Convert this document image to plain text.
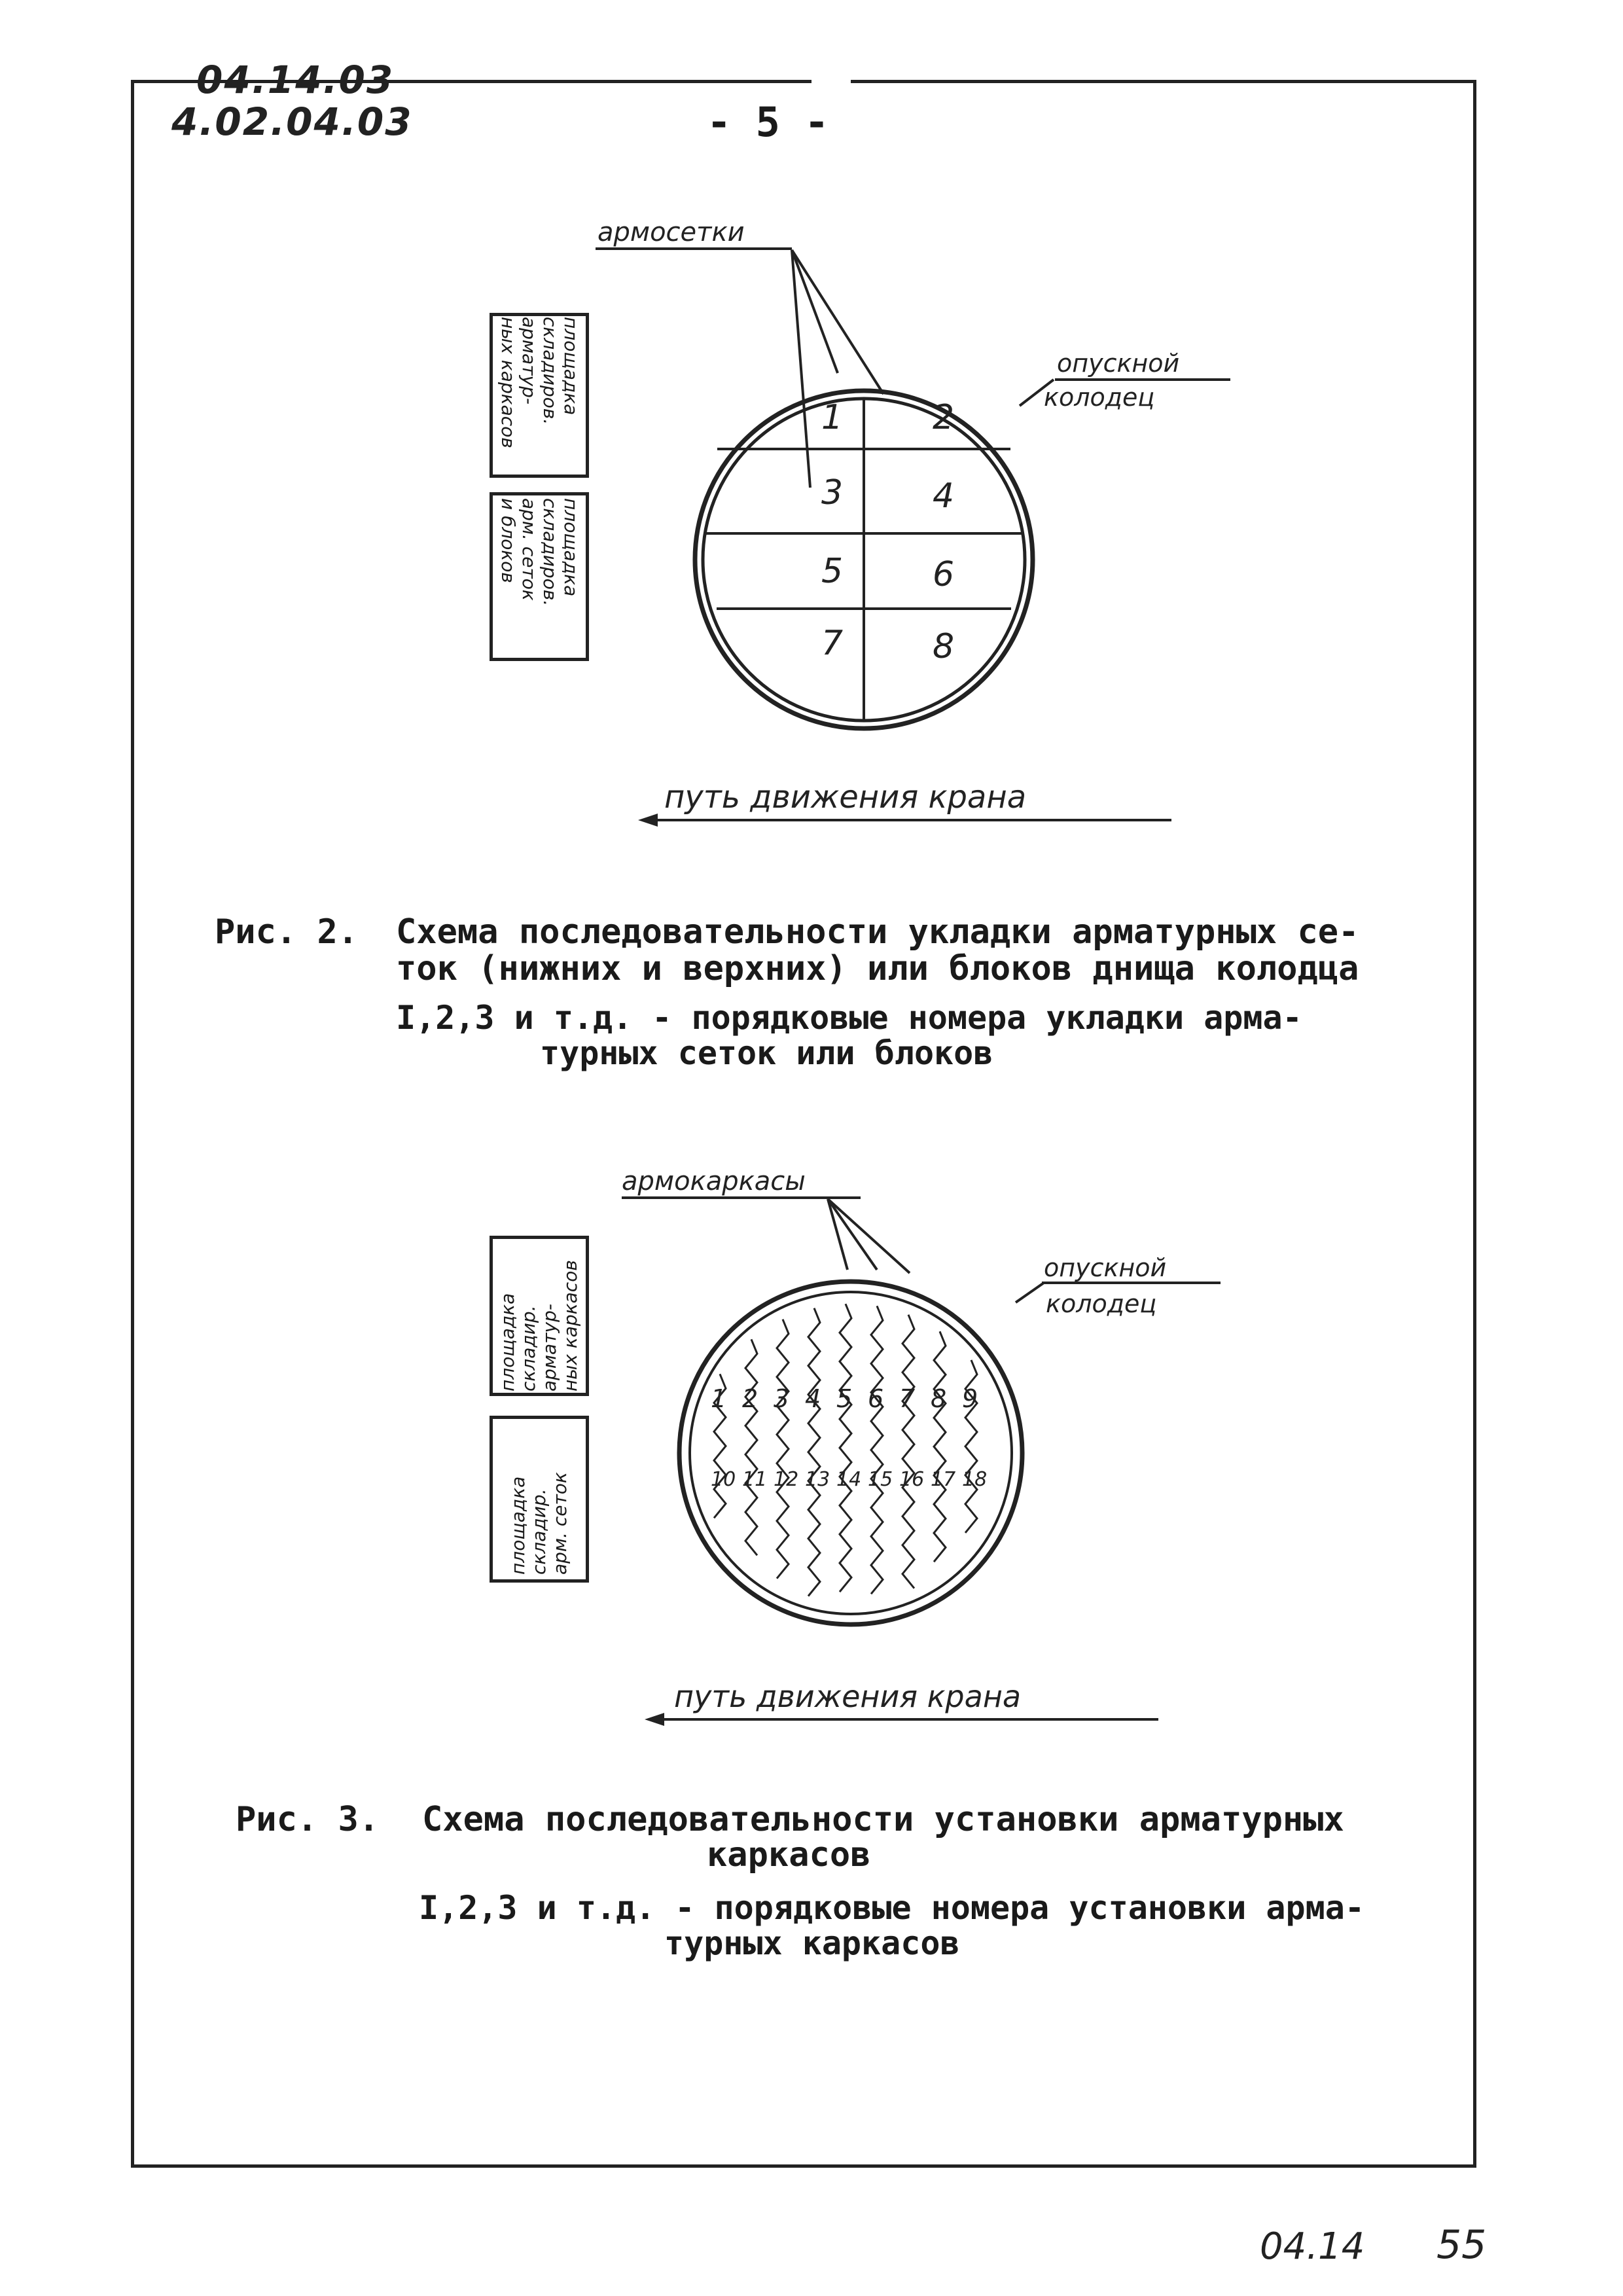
04.14.03
4.02.04.03	- 5 -
армосетки
опускной
колодец
1	2
3	4
5	6
7	8
площадка
складиров.
арматур-
ных каркасов
площадка
складиров.
арм. сеток
и блоков
путь движения крана
Рис. 2. Схема последовательности укладки арматурных се-
ток (нижних и верхних) или блоков днища колодца
I,2,3 и т.д. - порядковые номера укладки арма-
турных сеток или блоков
армокаркасы
опускной
колодец
1 2 3 4 5 6 7 8 9
10 11 12 13 14 15 16 17 18
площадка складир. арматур- ных каркасов
площадка складир. арм. сеток
путь движения крана
Рис. 3. Схема последовательности установки арматурных
каркасов
I,2,3 и т.д. - порядковые номера установки арма-
турных каркасов
04.14 55
